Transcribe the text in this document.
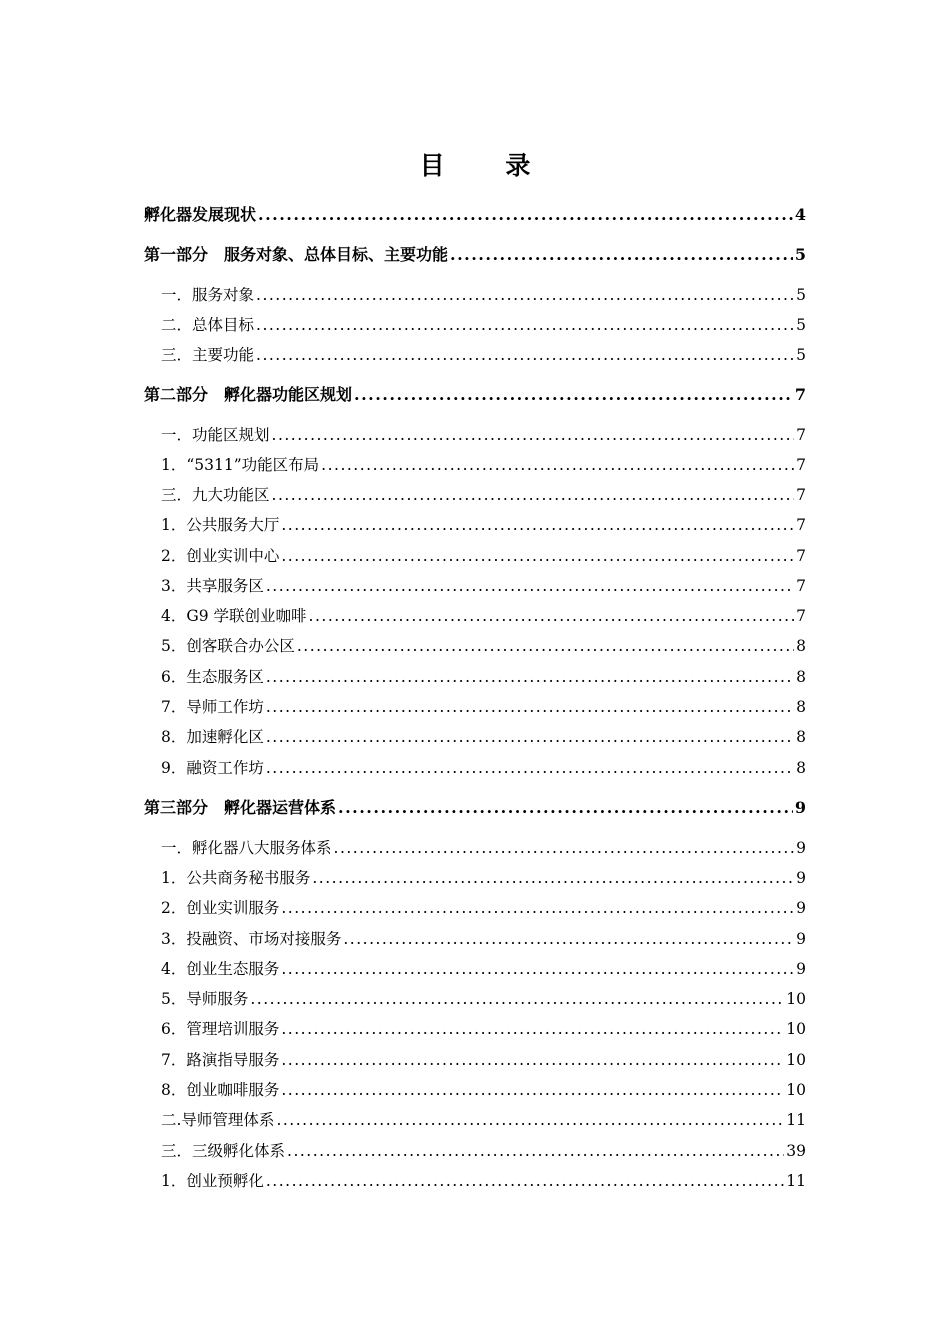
目 录
孵化器发展现状 .....	4
第一部分　服务对象、总体目标、主要功能 .....	5
一．服务对象 .....	5
二．总体目标 .....	5
三．主要功能 .....	5
第二部分　孵化器功能区规划 .....	7
一．功能区规划 .....	7
1．“5311”功能区布局 .....	7
三．九大功能区 .....	7
1．公共服务大厅 .....	7
2．创业实训中心 .....	7
3．共享服务区 .....	7
4．G9 学联创业咖啡 .....	7
5．创客联合办公区 .....	8
6．生态服务区 .....	8
7．导师工作坊 .....	8
8．加速孵化区 .....	8
9．融资工作坊 .....	8
第三部分　孵化器运营体系 .....	9
一．孵化器八大服务体系 .....	9
1．公共商务秘书服务 .....	9
2．创业实训服务 .....	9
3．投融资、市场对接服务 .....	9
4．创业生态服务 .....	9
5．导师服务 .....	10
6．管理培训服务 .....	10
7．路演指导服务 .....	10
8．创业咖啡服务 .....	10
二.导师管理体系 .....	11
三．三级孵化体系 .....	39
1．创业预孵化 .....	11
